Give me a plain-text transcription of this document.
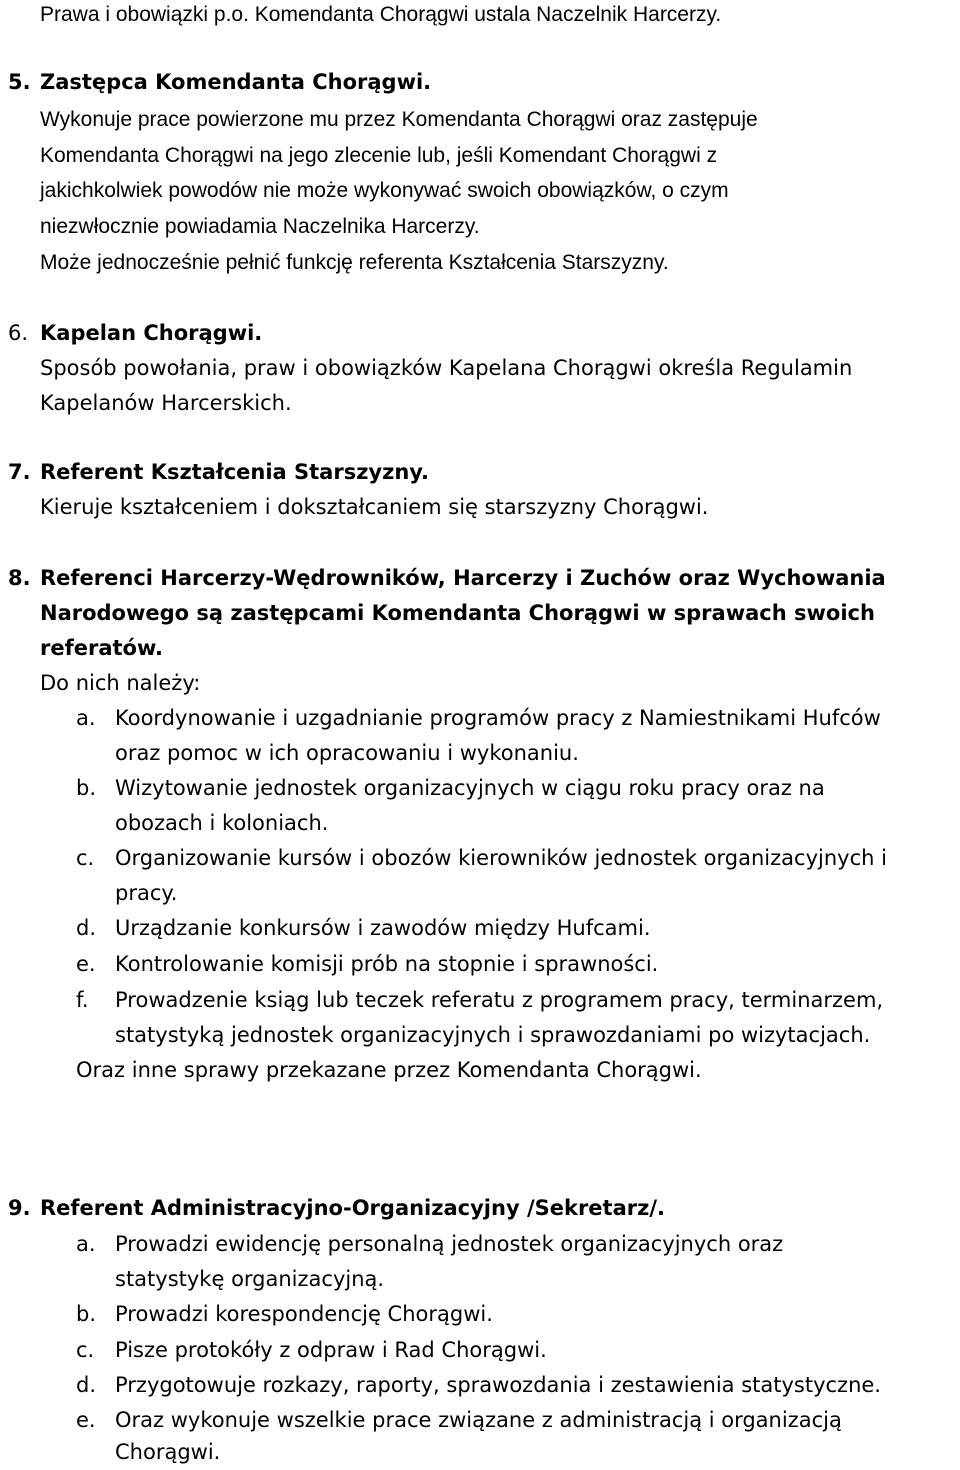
Prawa i obowiązki p.o. Komendanta Chorągwi ustala Naczelnik Harcerzy.
5. Zastępca Komendanta Chorągwi.
Wykonuje prace powierzone mu przez Komendanta Chorągwi oraz zastępuje
Komendanta Chorągwi na jego zlecenie lub, jeśli Komendant Chorągwi z
jakichkolwiek powodów nie może wykonywać swoich obowiązków, o czym
niezwłocznie powiadamia Naczelnika Harcerzy.
Może jednocześnie pełnić funkcję referenta Kształcenia Starszyzny.
6. Kapelan Chorągwi.
Sposób powołania, praw i obowiązków Kapelana Chorągwi określa Regulamin
Kapelanów Harcerskich.
7. Referent Kształcenia Starszyzny.
Kieruje kształceniem i dokształcaniem się starszyzny Chorągwi.
8. Referenci Harcerzy-Wędrowników, Harcerzy i Zuchów oraz Wychowania
Narodowego są zastępcami Komendanta Chorągwi w sprawach swoich
referatów.
Do nich należy:
a. Koordynowanie i uzgadnianie programów pracy z Namiestnikami Hufców
oraz pomoc w ich opracowaniu i wykonaniu.
b. Wizytowanie jednostek organizacyjnych w ciągu roku pracy oraz na
obozach i koloniach.
c. Organizowanie kursów i obozów kierowników jednostek organizacyjnych i
pracy.
d. Urządzanie konkursów i zawodów między Hufcami.
e. Kontrolowanie komisji prób na stopnie i sprawności.
f. Prowadzenie ksiąg lub teczek referatu z programem pracy, terminarzem,
statystyką jednostek organizacyjnych i sprawozdaniami po wizytacjach.
Oraz inne sprawy przekazane przez Komendanta Chorągwi.
9. Referent Administracyjno-Organizacyjny /Sekretarz/.
a. Prowadzi ewidencję personalną jednostek organizacyjnych oraz
statystykę organizacyjną.
b. Prowadzi korespondencję Chorągwi.
c. Pisze protokóły z odpraw i Rad Chorągwi.
d. Przygotowuje rozkazy, raporty, sprawozdania i zestawienia statystyczne.
e. Oraz wykonuje wszelkie prace związane z administracją i organizacją
Chorągwi.
